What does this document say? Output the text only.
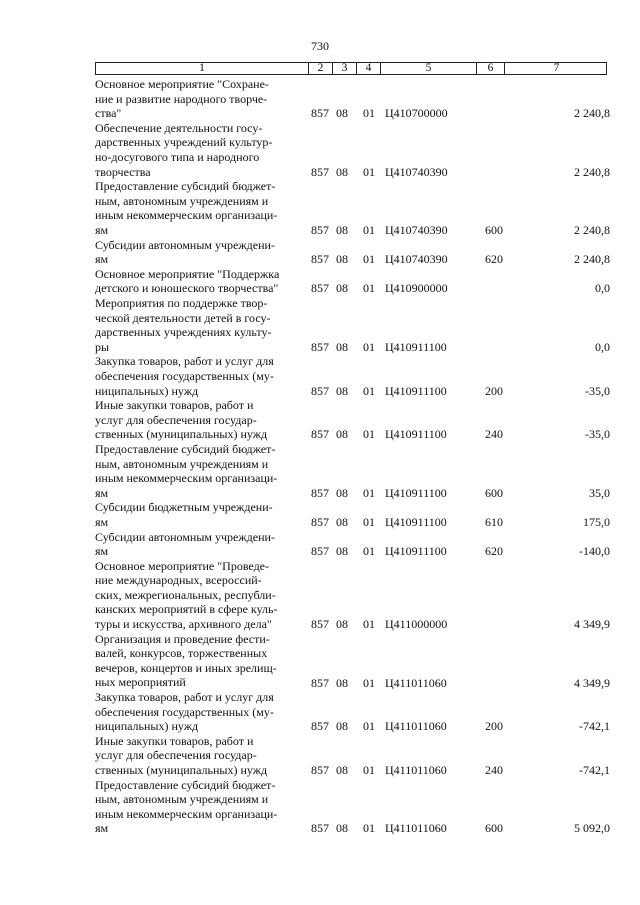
730
1	2	3	4	5	6	7
Основное мероприятие "Сохране-
ние и развитие народного творче-
ства"	857 08	01 Ц410700000	2 240,8
Обеспечение деятельности госу-
дарственных учреждений культур-
но-досугового типа и народного
творчества	857 08	01 Ц410740390	2 240,8
Предоставление субсидий бюджет-
ным, автономным учреждениям и
иным некоммерческим организаци-
ям	857 08	01 Ц410740390	600	2 240,8
Субсидии автономным учреждени-
ям	857 08	01 Ц410740390	620	2 240,8
Основное мероприятие "Поддержка
детского и юношеского творчества"	857 08	01 Ц410900000	0,0
Мероприятия по поддержке твор-
ческой деятельности детей в госу-
дарственных учреждениях культу-
ры	857 08	01 Ц410911100	0,0
Закупка товаров, работ и услуг для
обеспечения государственных (му-
ниципальных) нужд	857 08	01 Ц410911100	200	-35,0
Иные закупки товаров, работ и
услуг для обеспечения государ-
ственных (муниципальных) нужд	857 08	01 Ц410911100	240	-35,0
Предоставление субсидий бюджет-
ным, автономным учреждениям и
иным некоммерческим организаци-
ям	857 08	01 Ц410911100	600	35,0
Субсидии бюджетным учреждени-
ям	857 08	01 Ц410911100	610	175,0
Субсидии автономным учреждени-
ям	857 08	01 Ц410911100	620	-140,0
Основное мероприятие "Проведе-
ние международных, всероссий-
ских, межрегиональных, республи-
канских мероприятий в сфере куль-
туры и искусства, архивного дела"	857 08	01 Ц411000000	4 349,9
Организация и проведение фести-
валей, конкурсов, торжественных
вечеров, концертов и иных зрелищ-
ных мероприятий	857 08	01 Ц411011060	4 349,9
Закупка товаров, работ и услуг для
обеспечения государственных (му-
ниципальных) нужд	857 08	01 Ц411011060	200	-742,1
Иные закупки товаров, работ и
услуг для обеспечения государ-
ственных (муниципальных) нужд	857 08	01 Ц411011060	240	-742,1
Предоставление субсидий бюджет-
ным, автономным учреждениям и
иным некоммерческим организаци-
ям	857 08	01 Ц411011060	600	5 092,0
